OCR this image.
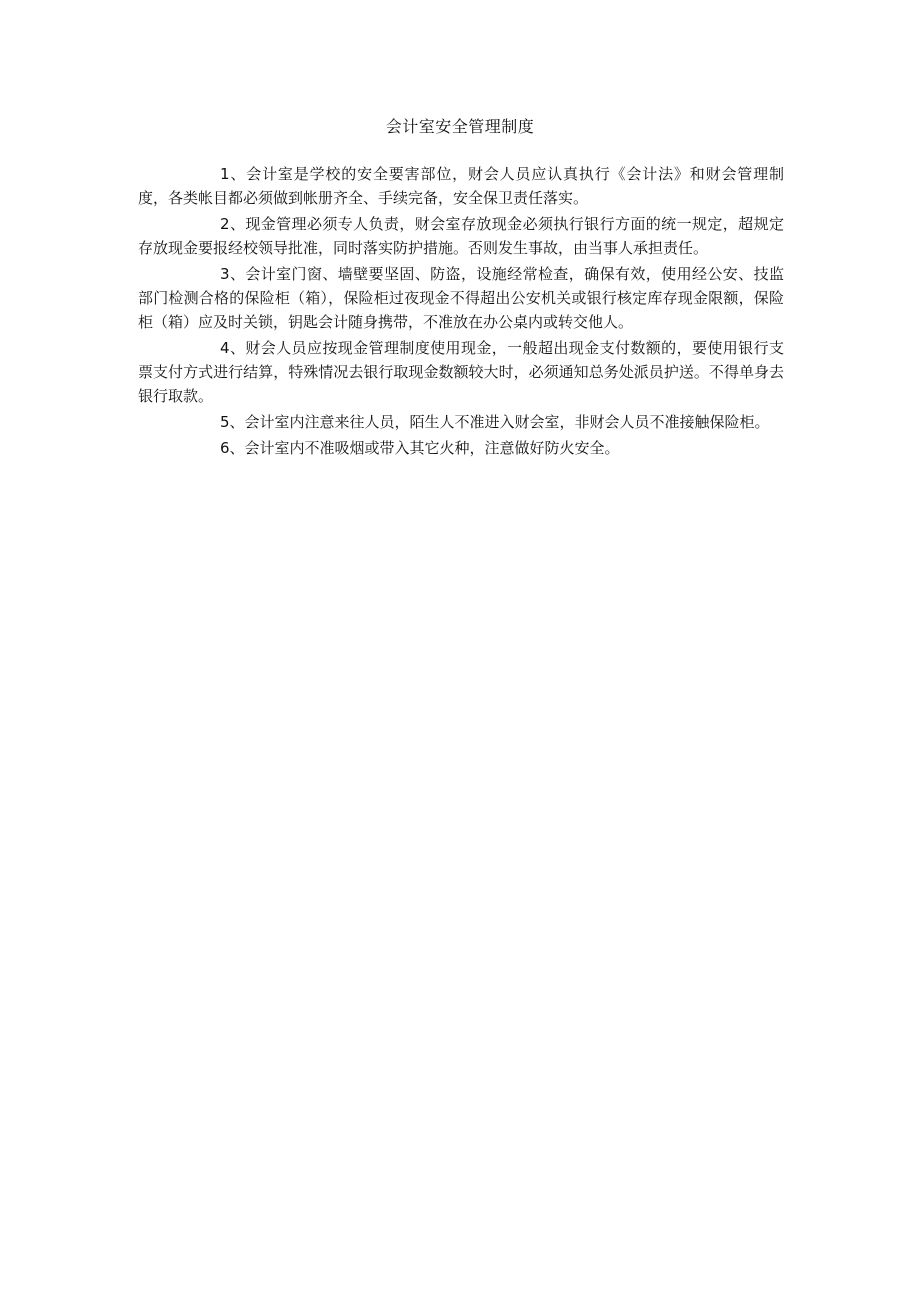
会计室安全管理制度

1、会计室是学校的安全要害部位，财会人员应认真执行《会计法》和财会管理制度，各类帐目都必须做到帐册齐全、手续完备，安全保卫责任落实。

2、现金管理必须专人负责，财会室存放现金必须执行银行方面的统一规定，超规定存放现金要报经校领导批准，同时落实防护措施。否则发生事故，由当事人承担责任。

3、会计室门窗、墙壁要坚固、防盗，设施经常检查，确保有效，使用经公安、技监部门检测合格的保险柜（箱），保险柜过夜现金不得超出公安机关或银行核定库存现金限额，保险柜（箱）应及时关锁，钥匙会计随身携带，不准放在办公桌内或转交他人。

4、财会人员应按现金管理制度使用现金，一般超出现金支付数额的，要使用银行支票支付方式进行结算，特殊情况去银行取现金数额较大时，必须通知总务处派员护送。不得单身去银行取款。

5、会计室内注意来往人员，陌生人不准进入财会室，非财会人员不准接触保险柜。

6、会计室内不准吸烟或带入其它火种，注意做好防火安全。
